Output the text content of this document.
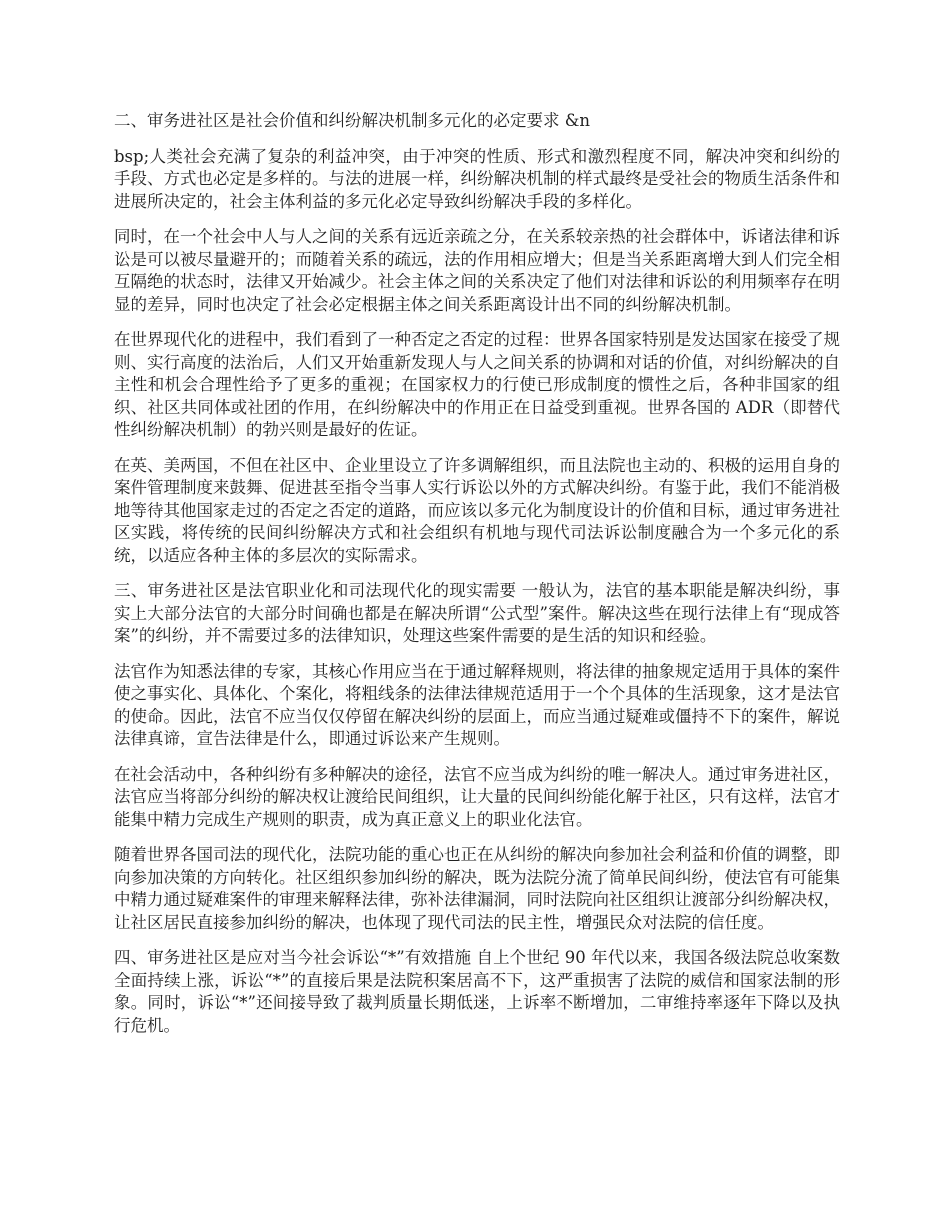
二、审务进社区是社会价值和纠纷解决机制多元化的必定要求 &n

bsp;人类社会充满了复杂的利益冲突，由于冲突的性质、形式和激烈程度不同，解决冲突和纠纷的手段、方式也必定是多样的。与法的进展一样，纠纷解决机制的样式最终是受社会的物质生活条件和进展所决定的，社会主体利益的多元化必定导致纠纷解决手段的多样化。

同时，在一个社会中人与人之间的关系有远近亲疏之分，在关系较亲热的社会群体中，诉诸法律和诉讼是可以被尽量避开的；而随着关系的疏远，法的作用相应增大；但是当关系距离增大到人们完全相互隔绝的状态时，法律又开始减少。社会主体之间的关系决定了他们对法律和诉讼的利用频率存在明显的差异，同时也决定了社会必定根据主体之间关系距离设计出不同的纠纷解决机制。

在世界现代化的进程中，我们看到了一种否定之否定的过程：世界各国家特别是发达国家在接受了规则、实行高度的法治后，人们又开始重新发现人与人之间关系的协调和对话的价值，对纠纷解决的自主性和机会合理性给予了更多的重视；在国家权力的行使已形成制度的惯性之后，各种非国家的组织、社区共同体或社团的作用，在纠纷解决中的作用正在日益受到重视。世界各国的 ADR（即替代性纠纷解决机制）的勃兴则是最好的佐证。

在英、美两国，不但在社区中、企业里设立了许多调解组织，而且法院也主动的、积极的运用自身的案件管理制度来鼓舞、促进甚至指令当事人实行诉讼以外的方式解决纠纷。有鉴于此，我们不能消极地等待其他国家走过的否定之否定的道路，而应该以多元化为制度设计的价值和目标，通过审务进社区实践，将传统的民间纠纷解决方式和社会组织有机地与现代司法诉讼制度融合为一个多元化的系统，以适应各种主体的多层次的实际需求。

三、审务进社区是法官职业化和司法现代化的现实需要 一般认为，法官的基本职能是解决纠纷，事实上大部分法官的大部分时间确也都是在解决所谓“公式型”案件。解决这些在现行法律上有“现成答案”的纠纷，并不需要过多的法律知识，处理这些案件需要的是生活的知识和经验。

法官作为知悉法律的专家，其核心作用应当在于通过解释规则，将法律的抽象规定适用于具体的案件使之事实化、具体化、个案化，将粗线条的法律法律规范适用于一个个具体的生活现象，这才是法官的使命。因此，法官不应当仅仅停留在解决纠纷的层面上，而应当通过疑难或僵持不下的案件，解说法律真谛，宣告法律是什么，即通过诉讼来产生规则。

在社会活动中，各种纠纷有多种解决的途径，法官不应当成为纠纷的唯一解决人。通过审务进社区，法官应当将部分纠纷的解决权让渡给民间组织，让大量的民间纠纷能化解于社区，只有这样，法官才能集中精力完成生产规则的职责，成为真正意义上的职业化法官。

随着世界各国司法的现代化，法院功能的重心也正在从纠纷的解决向参加社会利益和价值的调整，即向参加决策的方向转化。社区组织参加纠纷的解决，既为法院分流了简单民间纠纷，使法官有可能集中精力通过疑难案件的审理来解释法律，弥补法律漏洞，同时法院向社区组织让渡部分纠纷解决权，让社区居民直接参加纠纷的解决，也体现了现代司法的民主性，增强民众对法院的信任度。

四、审务进社区是应对当今社会诉讼“*”有效措施 自上个世纪 90 年代以来，我国各级法院总收案数全面持续上涨，诉讼“*”的直接后果是法院积案居高不下，这严重损害了法院的威信和国家法制的形象。同时，诉讼“*”还间接导致了裁判质量长期低迷，上诉率不断增加，二审维持率逐年下降以及执行危机。
